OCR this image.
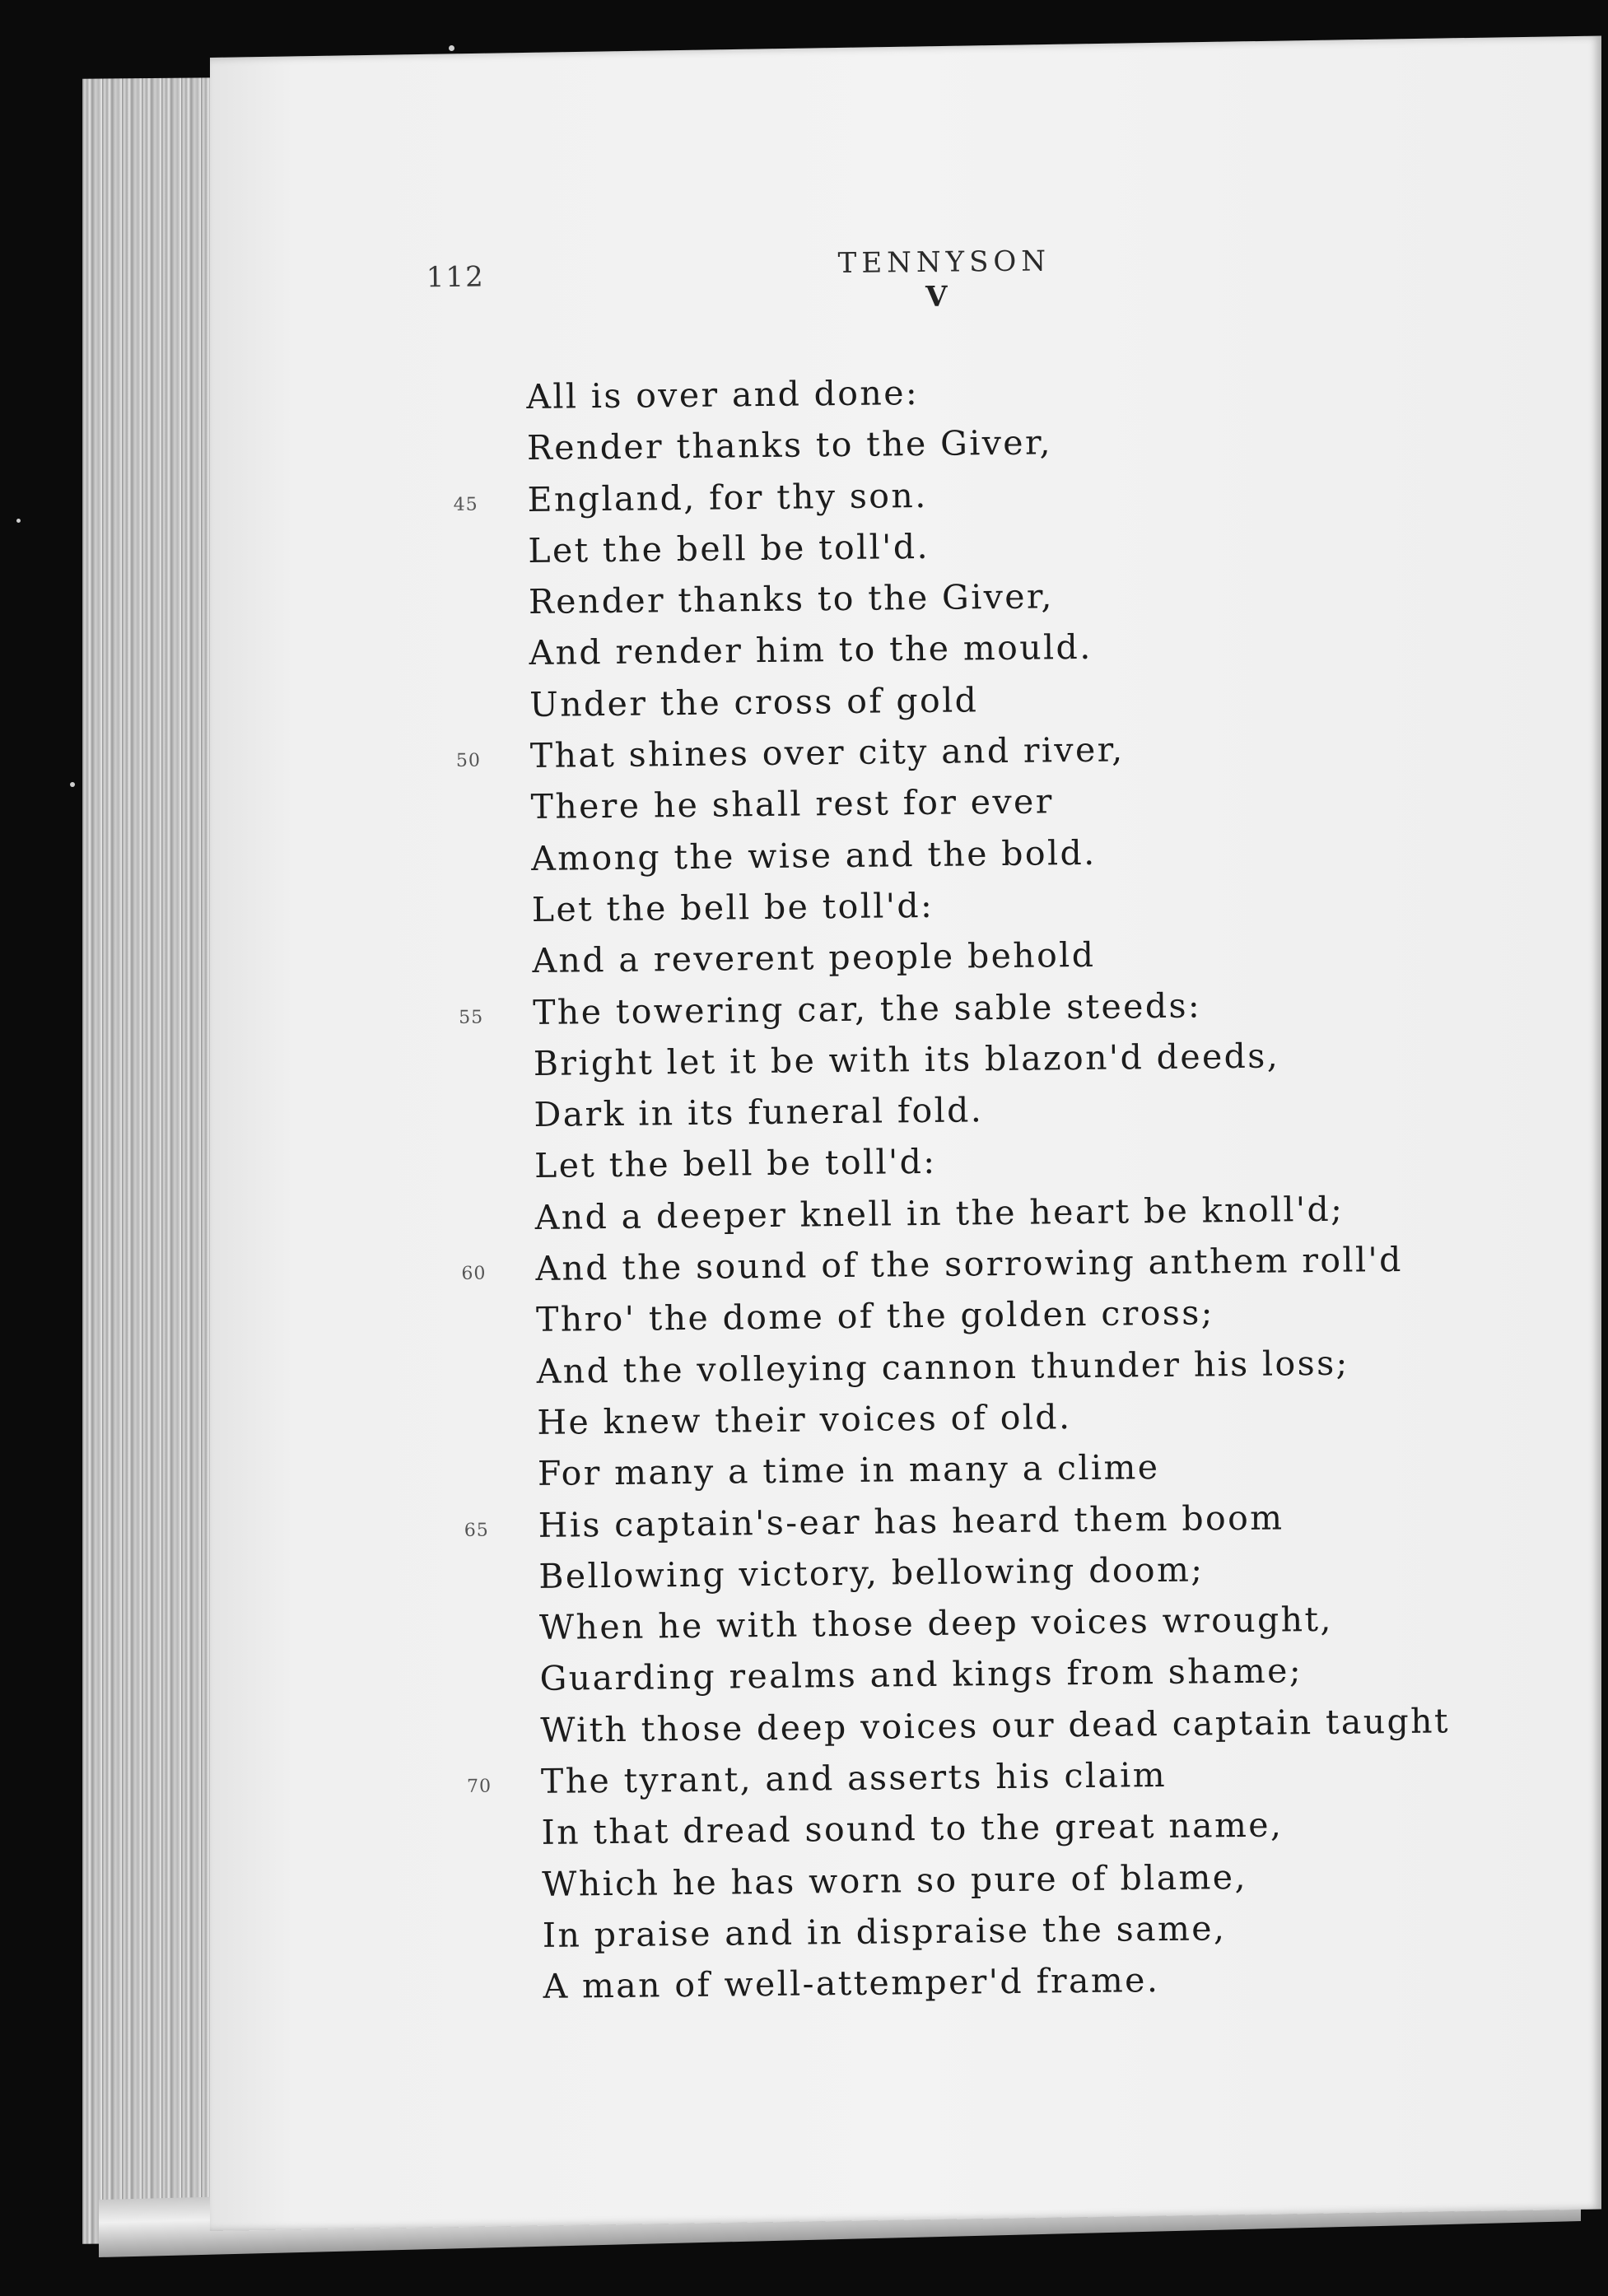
112	TENNYSON
V
All is over and done:
Render thanks to the Giver,
45 England, for thy son.
Let the bell be toll'd.
Render thanks to the Giver,
And render him to the mould.
Under the cross of gold
50 That shines over city and river,
There he shall rest for ever
Among the wise and the bold.
Let the bell be toll'd:
And a reverent people behold
55 The towering car, the sable steeds:
Bright let it be with its blazon'd deeds,
Dark in its funeral fold.
Let the bell be toll'd:
And a deeper knell in the heart be knoll'd;
60 And the sound of the sorrowing anthem roll'd
Thro' the dome of the golden cross;
And the volleying cannon thunder his loss;
He knew their voices of old.
For many a time in many a clime
65 His captain's-ear has heard them boom
Bellowing victory, bellowing doom;
When he with those deep voices wrought,
Guarding realms and kings from shame;
With those deep voices our dead captain taught
70 The tyrant, and asserts his claim
In that dread sound to the great name,
Which he has worn so pure of blame,
In praise and in dispraise the same,
A man of well-attemper'd frame.
